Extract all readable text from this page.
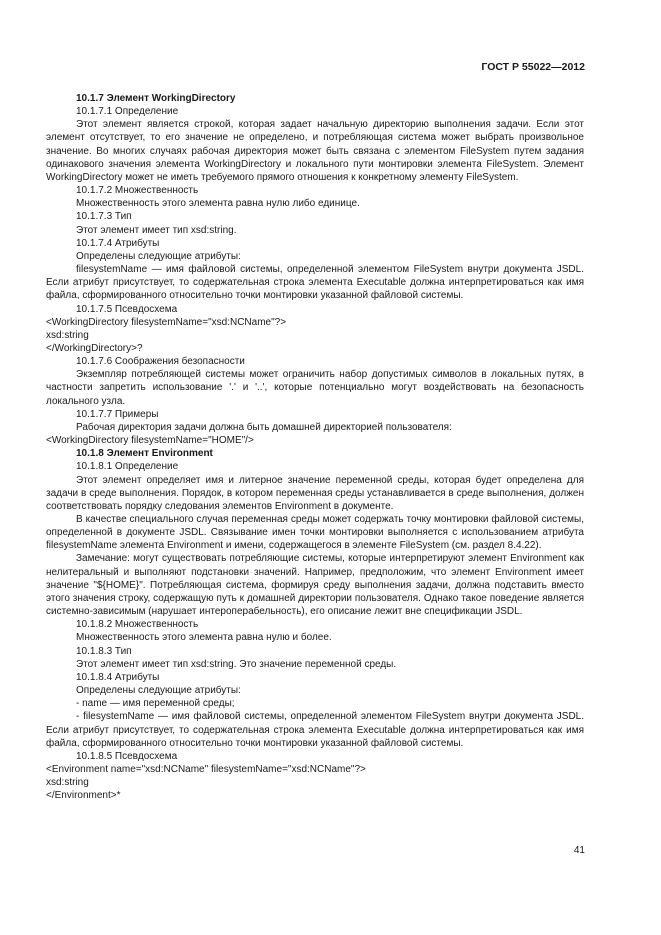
ГОСТ Р 55022—2012

10.1.7 Элемент WorkingDirectory

10.1.7.1 Определение

Этот элемент является строкой, которая задает начальную директорию выполнения задачи. Если этот элемент отсутствует, то его значение не определено, и потребляющая система может выбрать произвольное значение. Во многих случаях рабочая директория может быть связана с элементом FileSystem путем задания одинакового значения элемента WorkingDirectory и локального пути монтировки элемента FileSystem. Элемент WorkingDirectory может не иметь требуемого прямого отношения к конкретному элементу FileSystem.

10.1.7.2 Множественность

Множественность этого элемента равна нулю либо единице.

10.1.7.3 Тип

Этот элемент имеет тип xsd:string.

10.1.7.4 Атрибуты

Определены следующие атрибуты:

filesystemName — имя файловой системы, определенной элементом FileSystem внутри документа JSDL. Если атрибут присутствует, то содержательная строка элемента Executable должна интерпретироваться как имя файла, сформированного относительно точки монтировки указанной файловой системы.

10.1.7.5 Псевдосхема

<WorkingDirectory filesystemName="xsd:NCName"?>

xsd:string

</WorkingDirectory>?

10.1.7.6 Соображения безопасности

Экземпляр потребляющей системы может ограничить набор допустимых символов в локальных путях, в частности запретить использование '.' и '..', которые потенциально могут воздействовать на безопасность локального узла.

10.1.7.7 Примеры

Рабочая директория задачи должна быть домашней директорией пользователя:

<WorkingDirectory filesystemName="HOME"/>

10.1.8 Элемент Environment

10.1.8.1 Определение

Этот элемент определяет имя и литерное значение переменной среды, которая будет определена для задачи в среде выполнения. Порядок, в котором переменная среды устанавливается в среде выполнения, должен соответствовать порядку следования элементов Environment в документе.

В качестве специального случая переменная среды может содержать точку монтировки файловой системы, определенной в документе JSDL. Связывание имен точки монтировки выполняется с использованием атрибута filesystemName элемента Environment и имени, содержащегося в элементе FileSystem (см. раздел 8.4.22).

Замечание: могут существовать потребляющие системы, которые интерпретируют элемент Environment как нелитеральный и выполняют подстановки значений. Например, предположим, что элемент Environment имеет значение "${HOME}". Потребляющая система, формируя среду выполнения задачи, должна подставить вместо этого значения строку, содержащую путь к домашней директории пользователя. Однако такое поведение является системно-зависимым (нарушает интероперабельность), его описание лежит вне спецификации JSDL.

10.1.8.2 Множественность

Множественность этого элемента равна нулю и более.

10.1.8.3 Тип

Этот элемент имеет тип xsd:string. Это значение переменной среды.

10.1.8.4 Атрибуты

Определены следующие атрибуты:

- name — имя переменной среды;

- filesystemName — имя файловой системы, определенной элементом FileSystem внутри документа JSDL. Если атрибут присутствует, то содержательная строка элемента Executable должна интерпретироваться как имя файла, сформированного относительно точки монтировки указанной файловой системы.

10.1.8.5 Псевдосхема

<Environment name="xsd:NCName" filesystemName="xsd:NCName"?>

xsd:string

</Environment>*

41
